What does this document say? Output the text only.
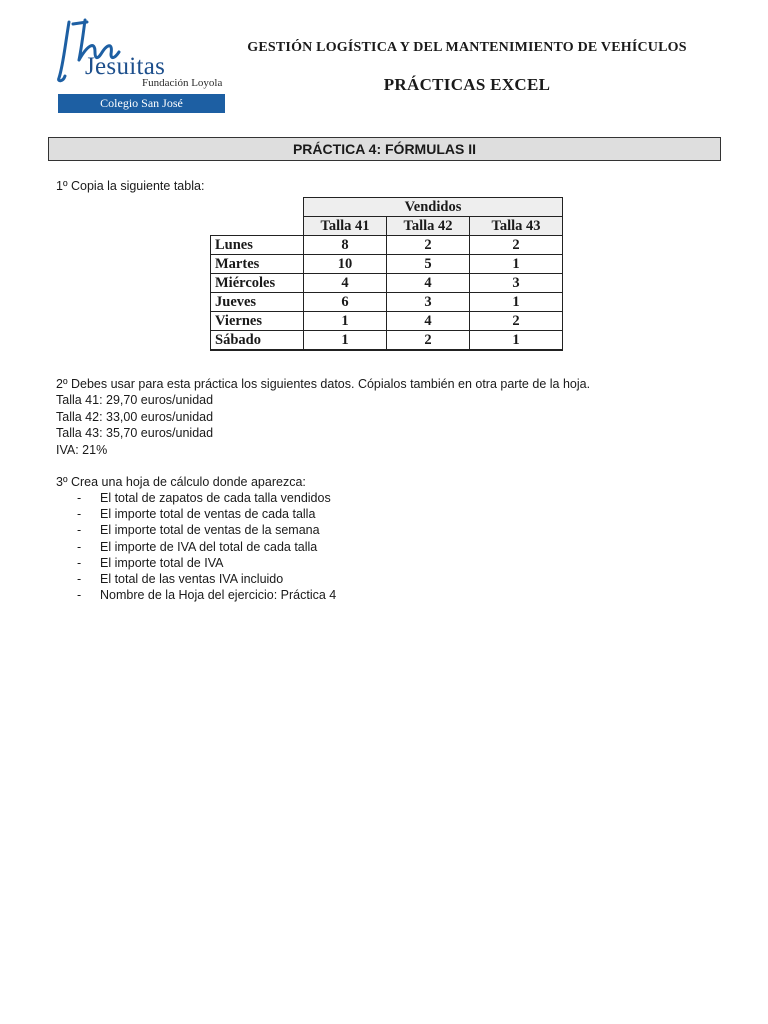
Jesuitas
Fundación Loyola
Colegio San José
GESTIÓN LOGÍSTICA Y DEL MANTENIMIENTO DE VEHÍCULOS
PRÁCTICAS EXCEL
PRÁCTICA 4: FÓRMULAS II
1º Copia la siguiente tabla:
	Vendidos		
	Talla 41	Talla 42	Talla 43
Lunes	8	2	2
Martes	10	5	1
Miércoles	4	4	3
Jueves	6	3	1
Viernes	1	4	2
Sábado	1	2	1
2º Debes usar para esta práctica los siguientes datos. Cópialos también en otra parte de la hoja.
Talla 41: 29,70 euros/unidad
Talla 42: 33,00 euros/unidad
Talla 43: 35,70 euros/unidad
IVA: 21%
3º Crea una hoja de cálculo donde aparezca:
- El total de zapatos de cada talla vendidos
- El importe total de ventas de cada talla
- El importe total de ventas de la semana
- El importe de IVA del total de cada talla
- El importe total de IVA
- El total de las ventas IVA incluido
- Nombre de la Hoja del ejercicio: Práctica 4
